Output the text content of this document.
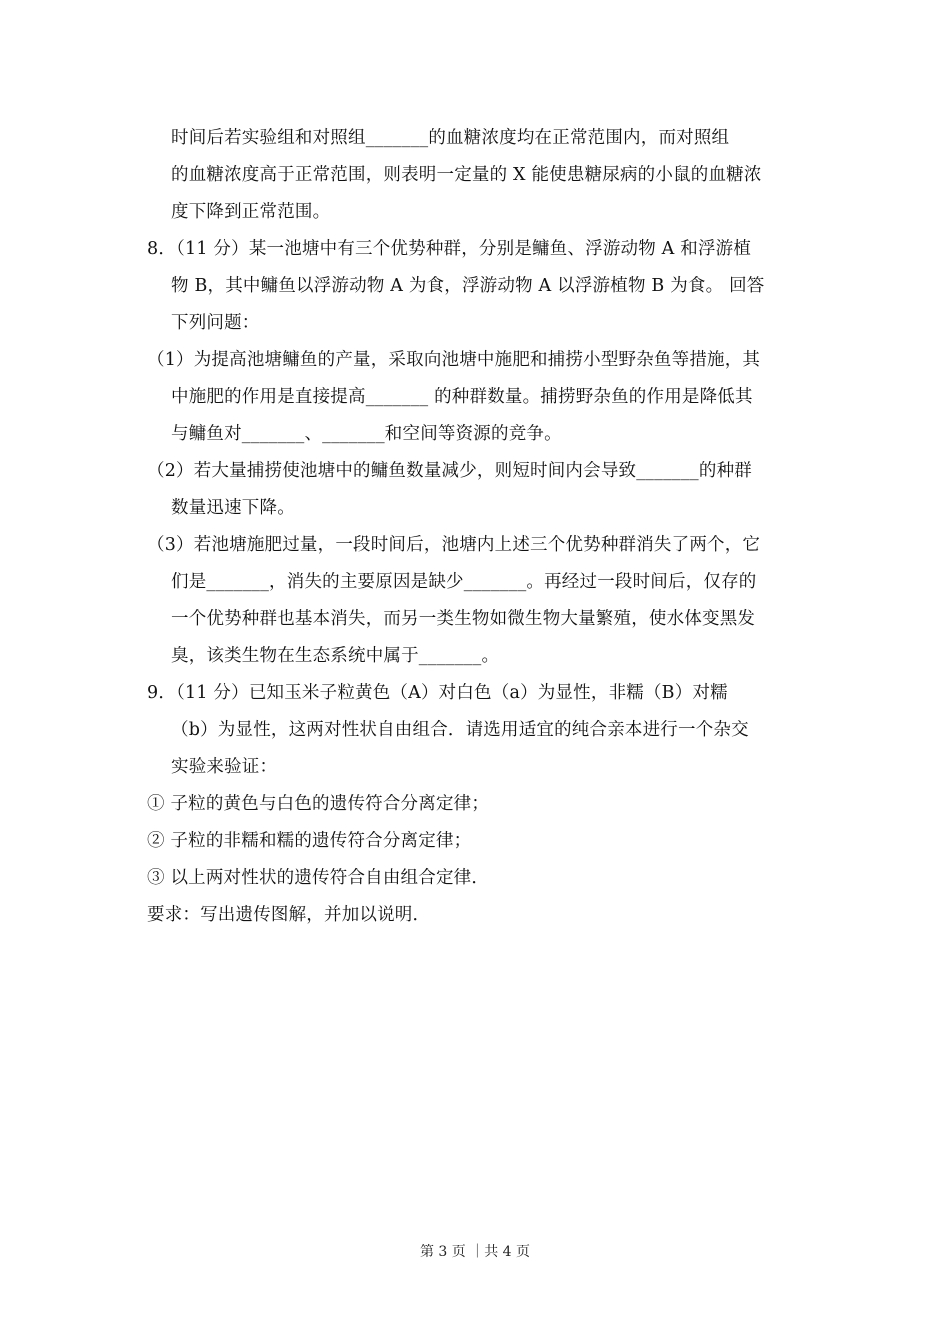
时间后若实验组和对照组_______的血糖浓度均在正常范围内，而对照组
的血糖浓度高于正常范围，则表明一定量的 X 能使患糖尿病的小鼠的血糖浓
度下降到正常范围。
8．（11 分）某一池塘中有三个优势种群，分别是鳙鱼、浮游动物 A 和浮游植
物 B，其中鳙鱼以浮游动物 A 为食，浮游动物 A 以浮游植物 B 为食。 回答
下列问题：
（1）为提高池塘鳙鱼的产量，采取向池塘中施肥和捕捞小型野杂鱼等措施，其
中施肥的作用是直接提高_______ 的种群数量。捕捞野杂鱼的作用是降低其
与鳙鱼对_______、_______和空间等资源的竞争。
（2）若大量捕捞使池塘中的鳙鱼数量减少，则短时间内会导致_______的种群
数量迅速下降。
（3）若池塘施肥过量，一段时间后，池塘内上述三个优势种群消失了两个，它
们是_______，消失的主要原因是缺少_______。再经过一段时间后，仅存的
一个优势种群也基本消失，而另一类生物如微生物大量繁殖，使水体变黑发
臭，该类生物在生态系统中属于_______。
9．（11 分）已知玉米子粒黄色（A）对白色（a）为显性，非糯（B）对糯
（b）为显性，这两对性状自由组合．请选用适宜的纯合亲本进行一个杂交
实验来验证：
① 子粒的黄色与白色的遗传符合分离定律；
② 子粒的非糯和糯的遗传符合分离定律；
③ 以上两对性状的遗传符合自由组合定律．
要求：写出遗传图解，并加以说明．
第 3 页 ｜共 4 页
